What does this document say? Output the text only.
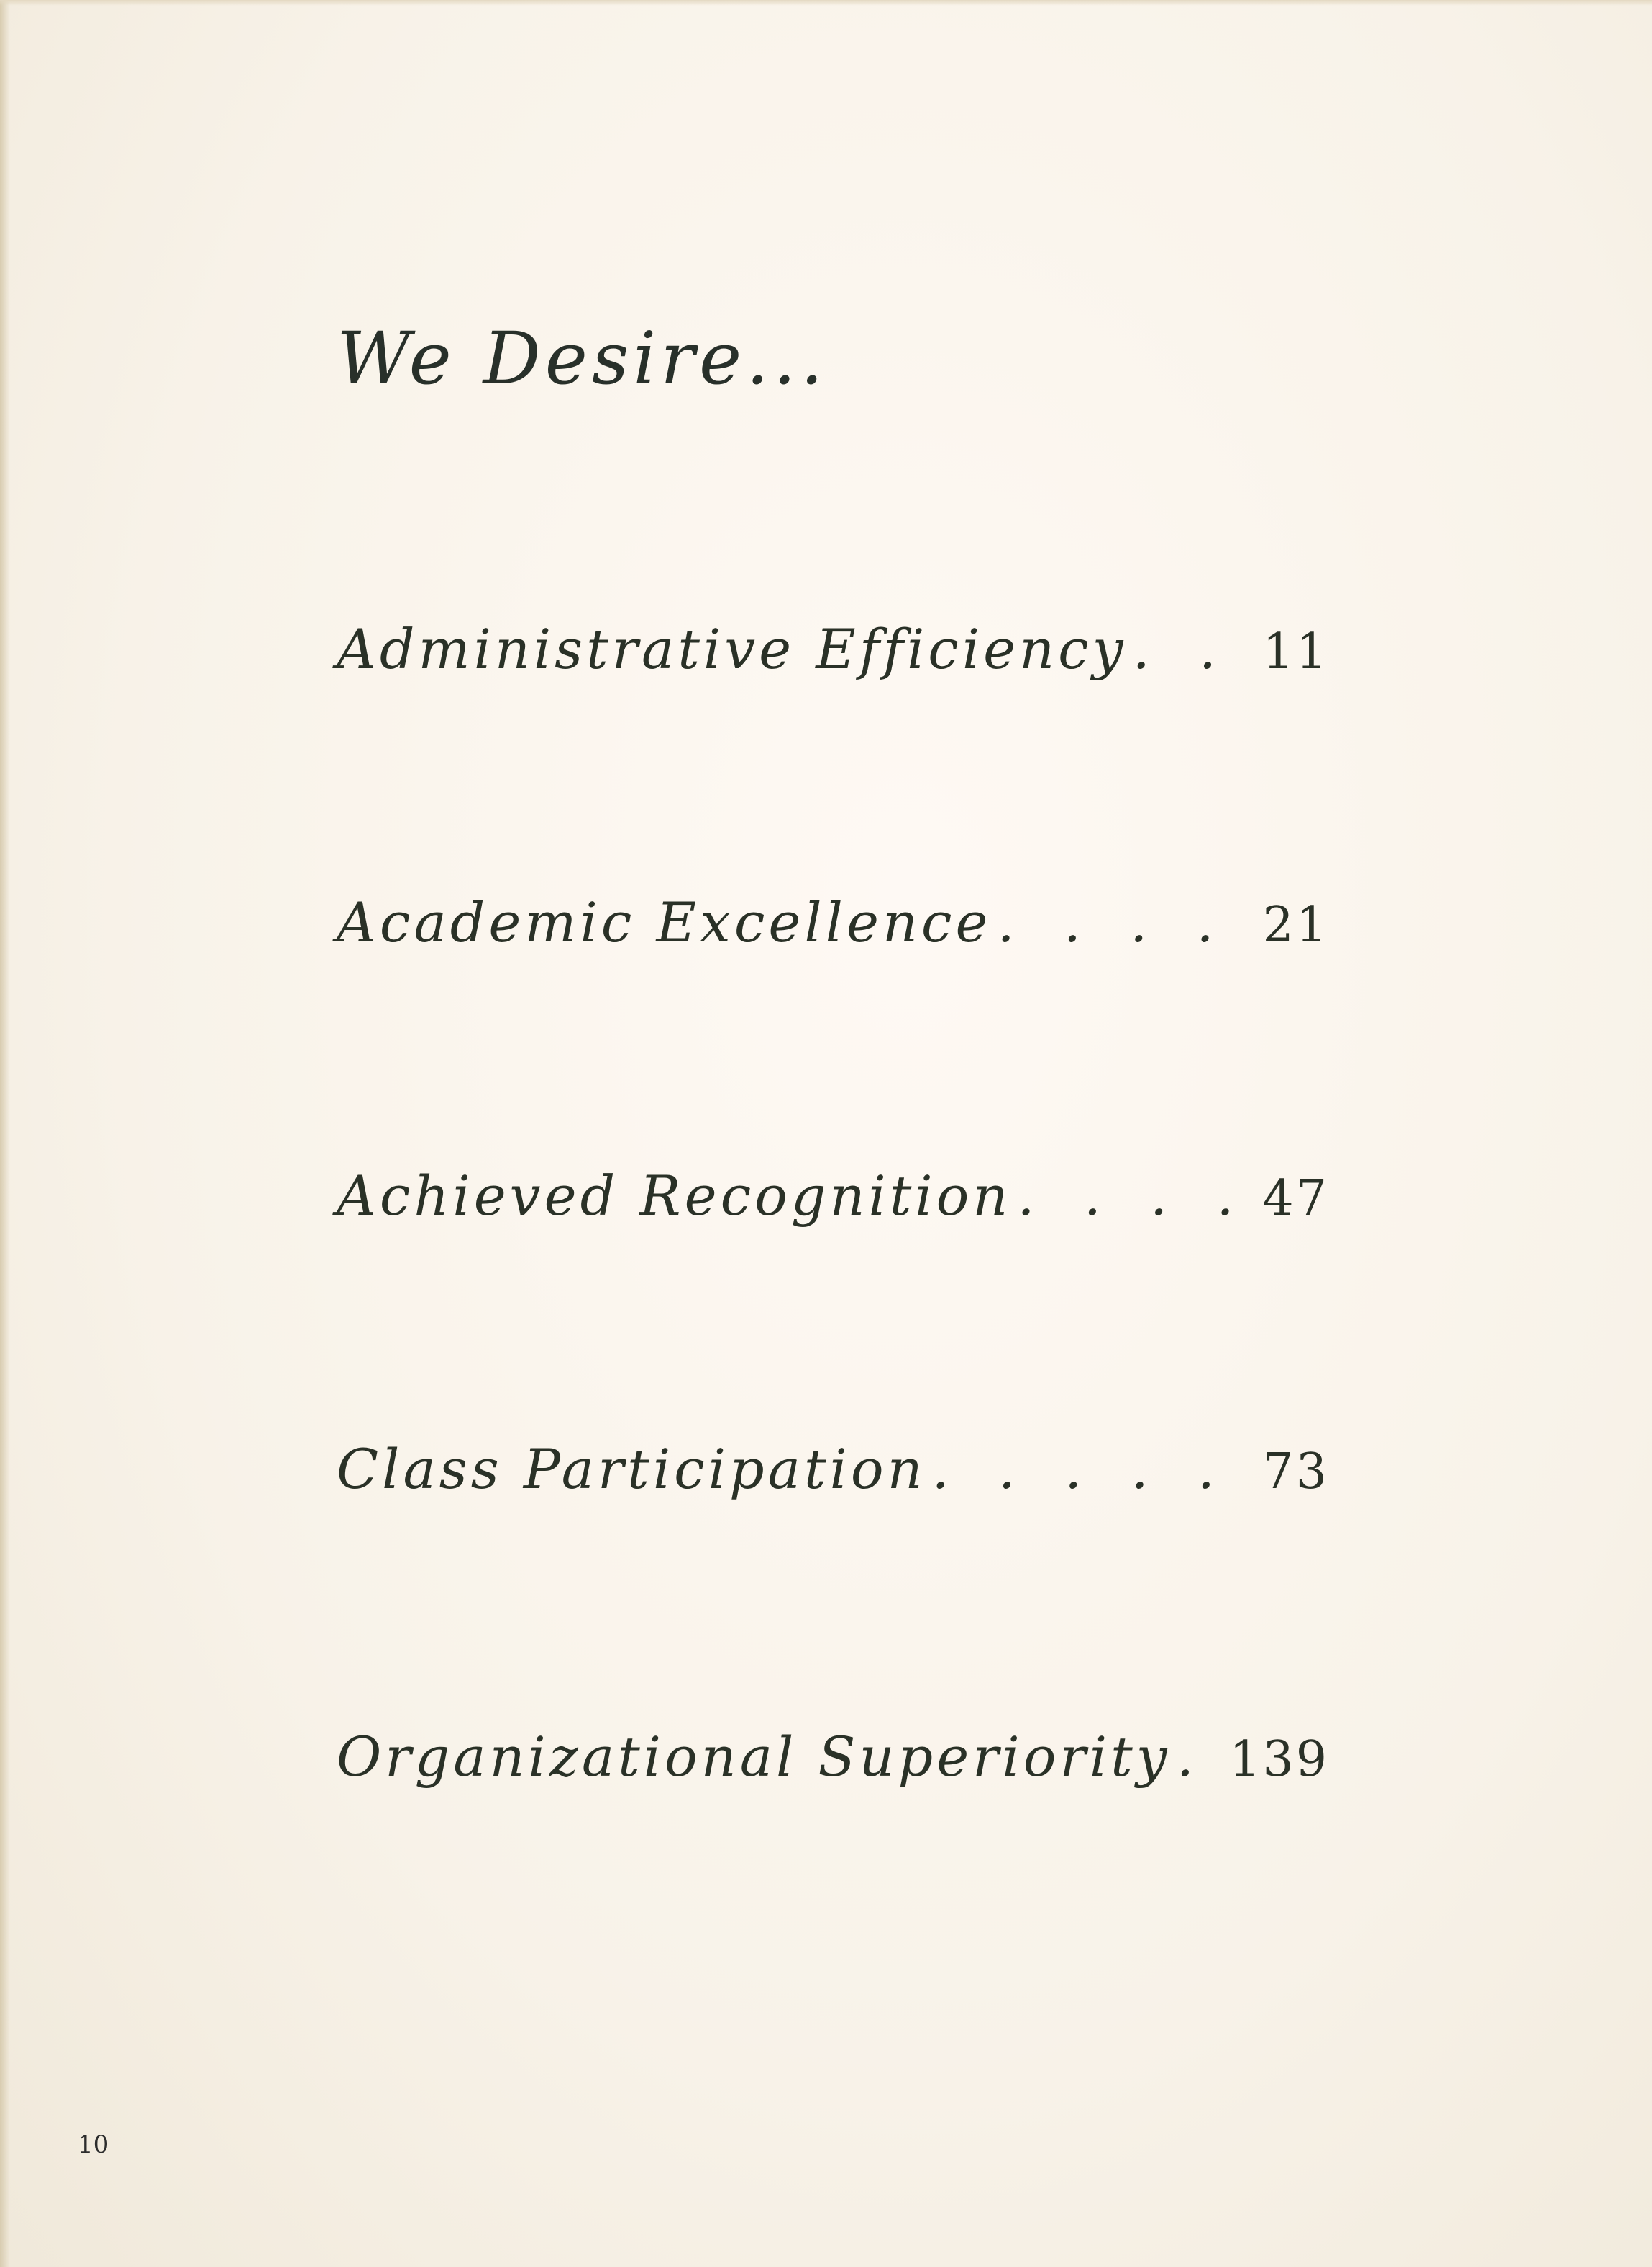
We Desire...
Administrative Efficiency . . .	11
Academic Excellence . . .	21
Achieved Recognition . . .	47
Class Participation . . .	73
Organizational Superiority . . . 139
10
